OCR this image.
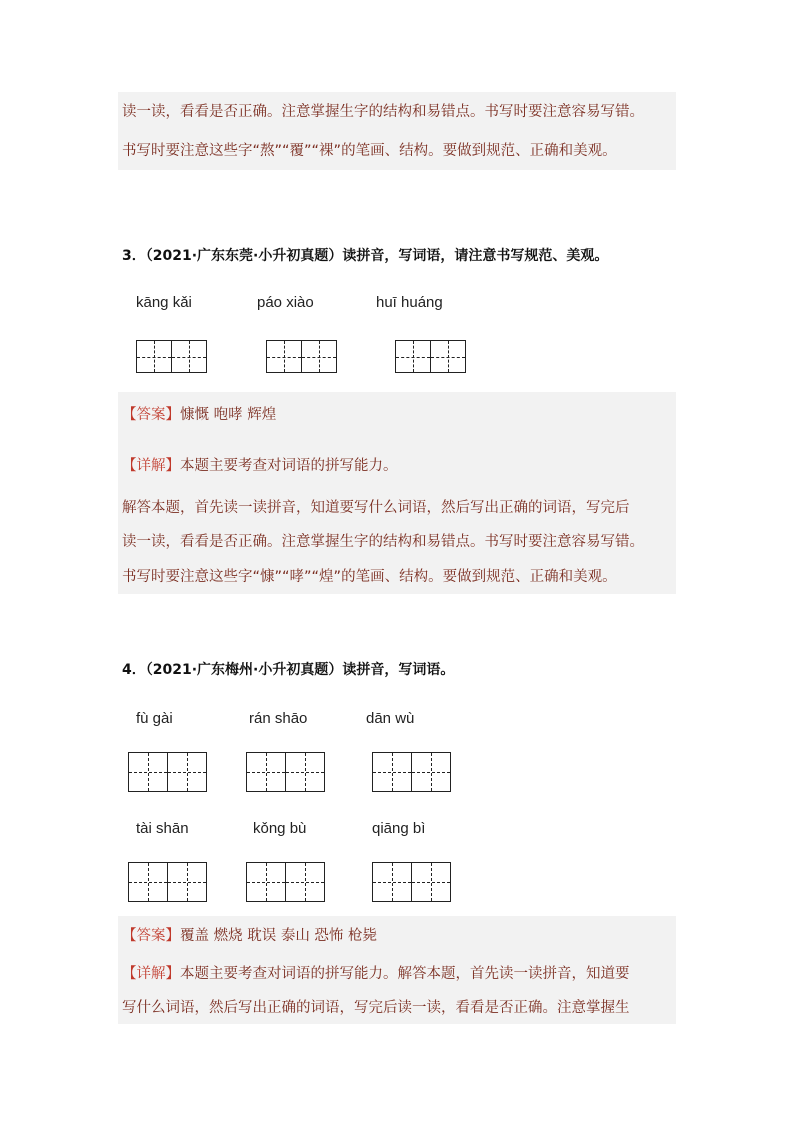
读一读，看看是否正确。注意掌握生字的结构和易错点。书写时要注意容易写错。
书写时要注意这些字“熬”“覆”“裸”的笔画、结构。要做到规范、正确和美观。
3．（2021·广东东莞·小升初真题）读拼音，写词语，请注意书写规范、美观。
kāng kǎi	páo xiào	huī huáng
【答案】慷慨 咆哮 辉煌
【详解】本题主要考查对词语的拼写能力。
解答本题，首先读一读拼音，知道要写什么词语，然后写出正确的词语，写完后
读一读，看看是否正确。注意掌握生字的结构和易错点。书写时要注意容易写错。
书写时要注意这些字“慷”“哮”“煌”的笔画、结构。要做到规范、正确和美观。
4．（2021·广东梅州·小升初真题）读拼音，写词语。
fù gài	rán shāo	dān wù
tài shān	kǒng bù	qiāng bì
【答案】覆盖 燃烧 耽误 泰山 恐怖 枪毙
【详解】本题主要考查对词语的拼写能力。解答本题，首先读一读拼音，知道要
写什么词语，然后写出正确的词语，写完后读一读，看看是否正确。注意掌握生
